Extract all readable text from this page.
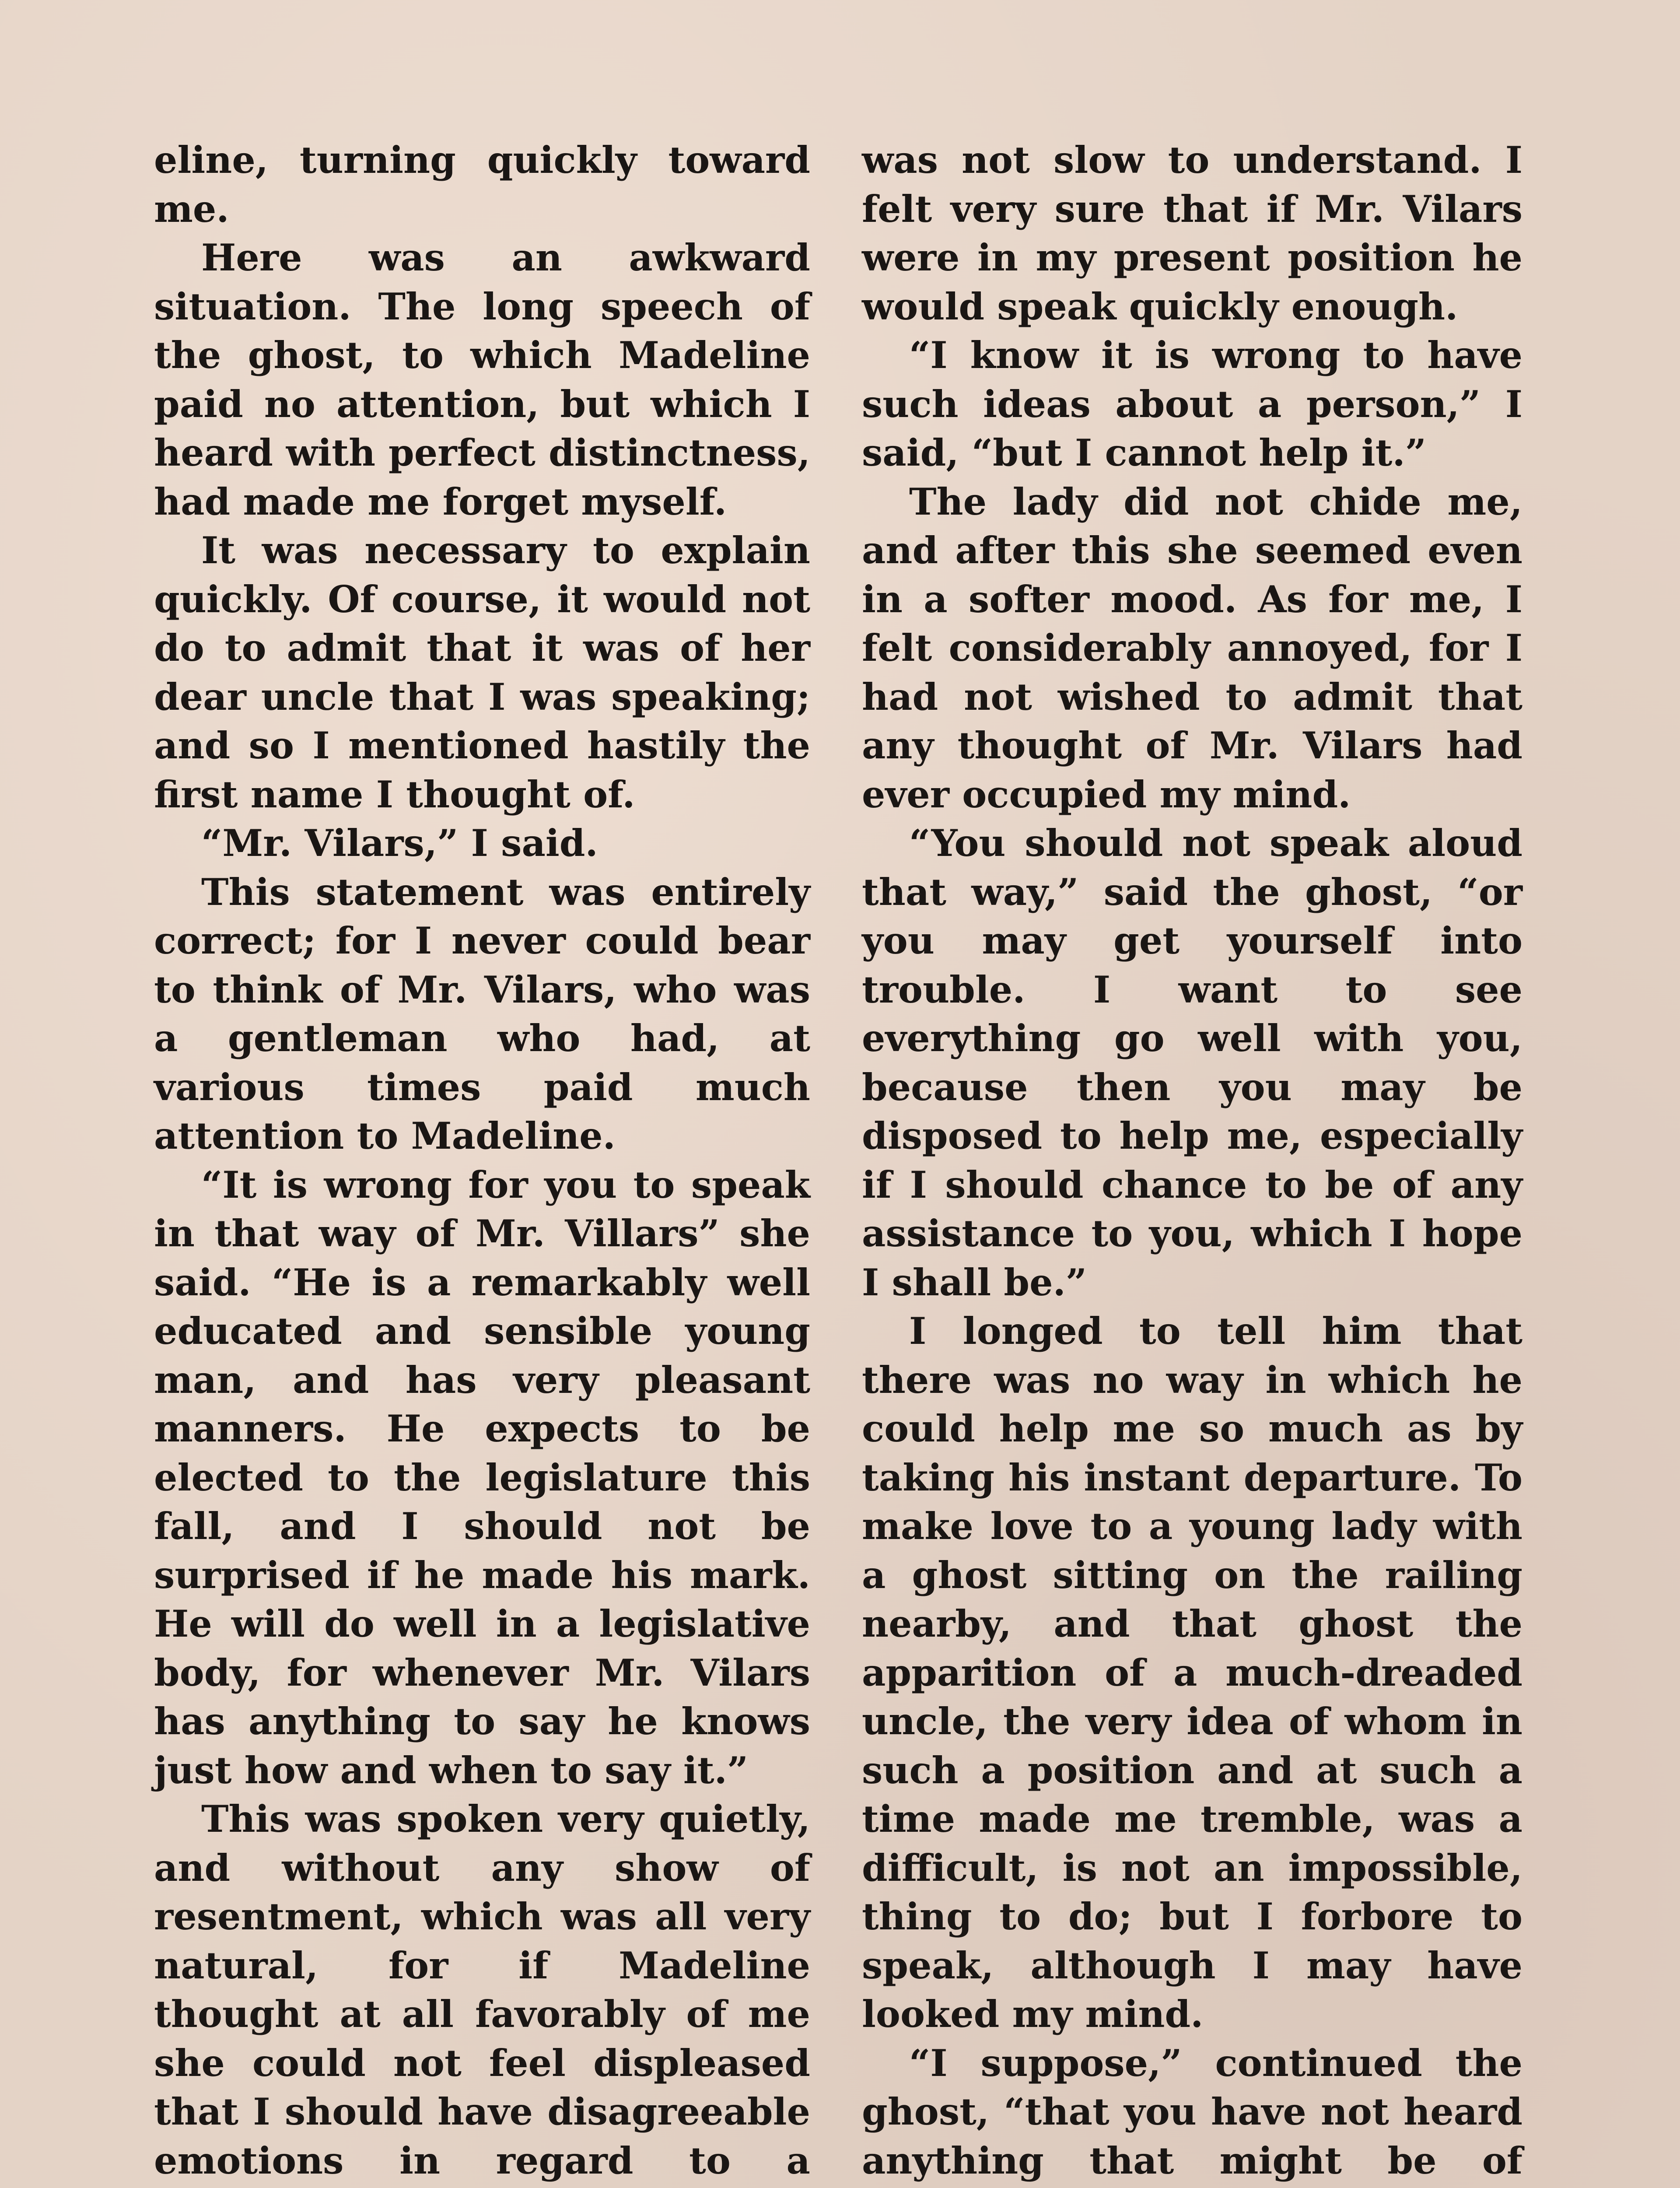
eline, turning quickly toward me.

Here was an awkward situation. The long speech of the ghost, to which Madeline paid no attention, but which I heard with perfect distinctness, had made me forget myself.

It was necessary to explain quickly. Of course, it would not do to admit that it was of her dear uncle that I was speaking; and so I mentioned hastily the first name I thought of.

“Mr. Vilars,” I said.

This statement was entirely correct; for I never could bear to think of Mr. Vilars, who was a gentleman who had, at various times paid much attention to Madeline.

“It is wrong for you to speak in that way of Mr. Villars” she said. “He is a remarkably well educated and sensible young man, and has very pleasant manners. He expects to be elected to the legislature this fall, and I should not be surprised if he made his mark. He will do well in a legislative body, for whenever Mr. Vilars has anything to say he knows just how and when to say it.”

This was spoken very quietly, and without any show of resentment, which was all very natural, for if Madeline thought at all favorably of me she could not feel displeased that I should have disagreeable emotions in regard to a

was not slow to understand. I felt very sure that if Mr. Vilars were in my present position he would speak quickly enough.

“I know it is wrong to have such ideas about a person,” I said, “but I cannot help it.”

The lady did not chide me, and after this she seemed even in a softer mood. As for me, I felt considerably annoyed, for I had not wished to admit that any thought of Mr. Vilars had ever occupied my mind.

“You should not speak aloud that way,” said the ghost, “or you may get yourself into trouble. I want to see everything go well with you, because then you may be disposed to help me, especially if I should chance to be of any assistance to you, which I hope I shall be.”

I longed to tell him that there was no way in which he could help me so much as by taking his instant departure. To make love to a young lady with a ghost sitting on the railing nearby, and that ghost the apparition of a much-dreaded uncle, the very idea of whom in such a position and at such a time made me tremble, was a difficult, is not an impossible, thing to do; but I forbore to speak, although I may have looked my mind.

“I suppose,” continued the ghost, “that you have not heard anything that might be of
